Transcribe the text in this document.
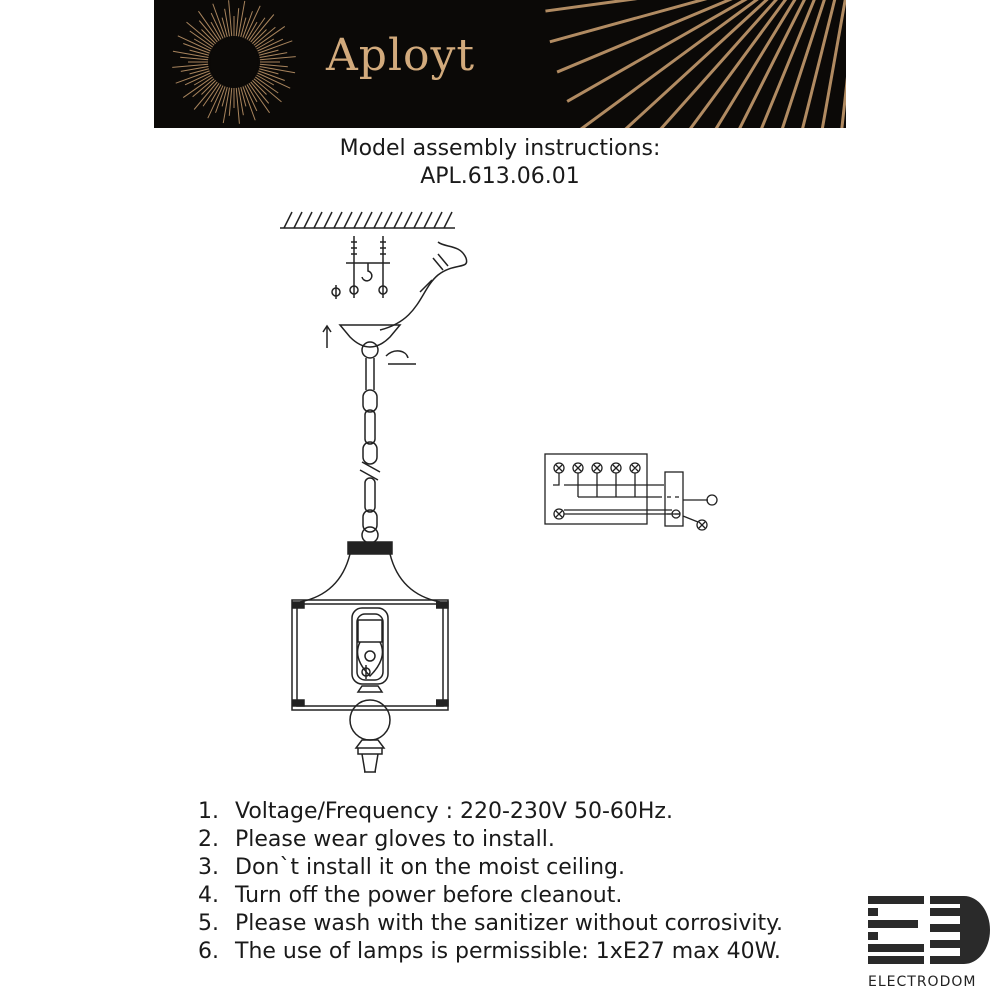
Aployt
Model assembly instructions:
APL.613.06.01
1. Voltage/Frequency : 220-230V 50-60Hz.
2. Please wear gloves to install.
3. Don`t install it on the moist ceiling.
4. Turn off the power before cleanout.
5. Please wash with the sanitizer without corrosivity.
6. The use of lamps is permissible: 1xE27 max 40W.
ELECTRODOM
